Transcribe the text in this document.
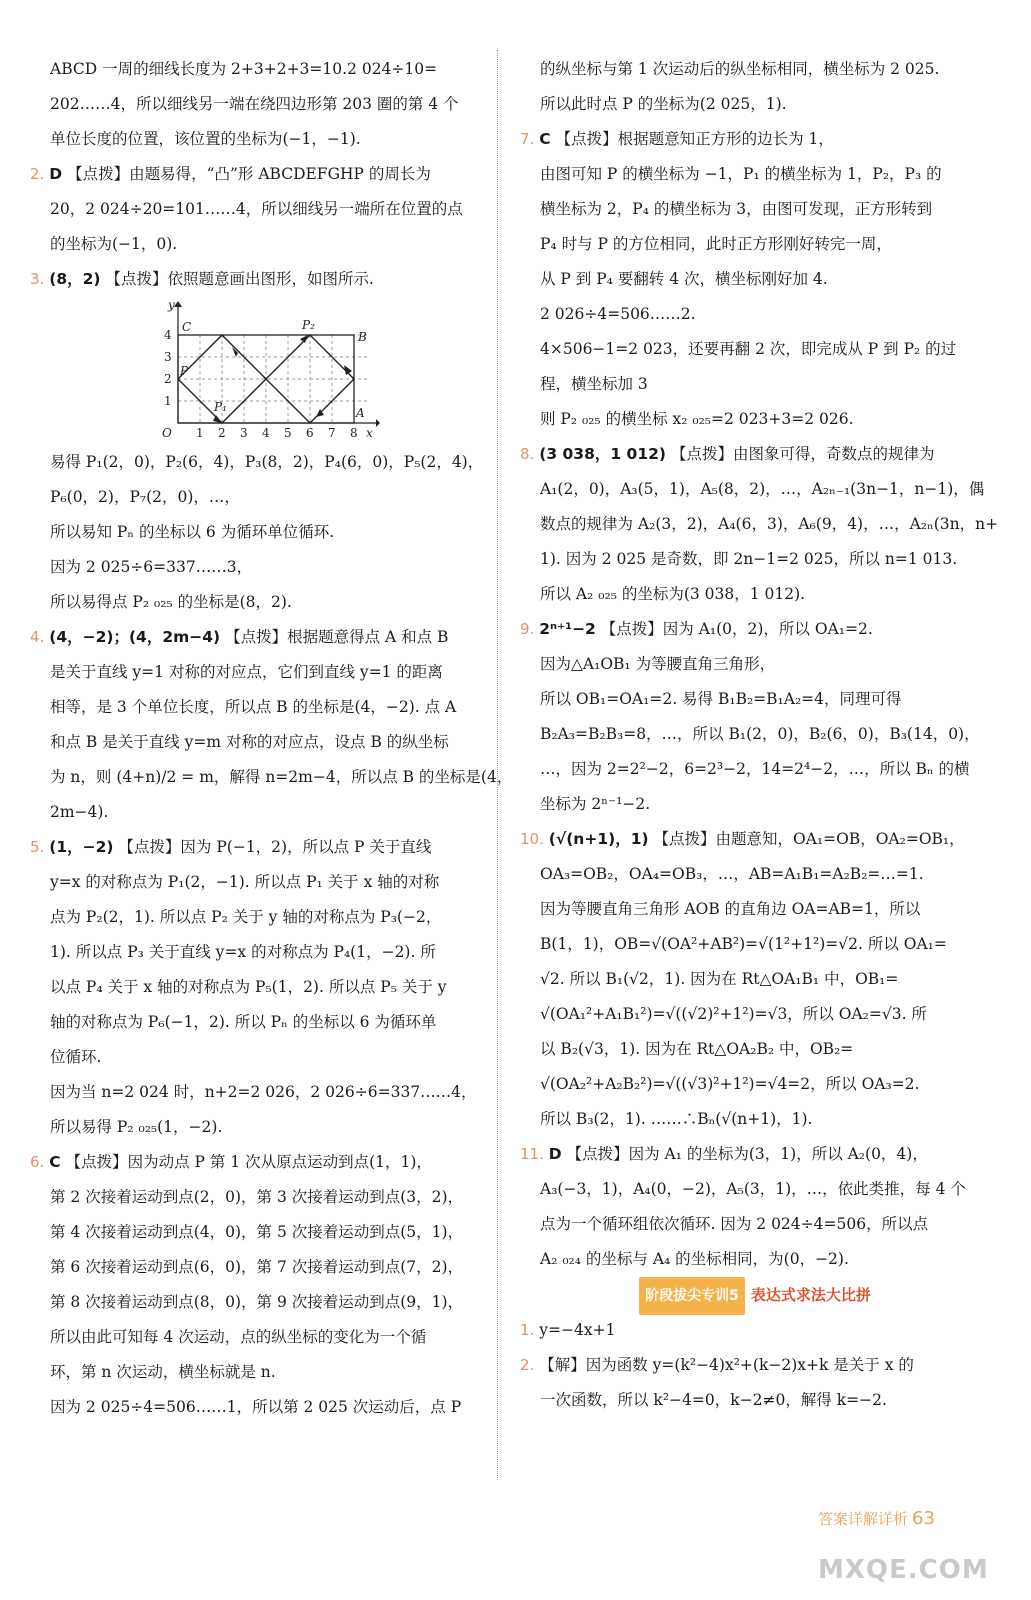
ABCD 一周的细线长度为 2+3+2+3=10.2 024÷10=
202……4，所以细线另一端在绕四边形第 203 圈的第 4 个
单位长度的位置，该位置的坐标为(−1，−1).
2. D 【点拨】由题易得，“凸”形 ABCDEFGHP 的周长为
20，2 024÷20=101……4，所以细线另一端所在位置的点
的坐标为(−1，0).
3. (8，2) 【点拨】依照题意画出图形，如图所示.
1 2 3 4 5 6 7 8
1
2
3
4
x
y
C
B
A
O
P
P₂
P₁
易得 P₁(2，0)，P₂(6，4)，P₃(8，2)，P₄(6，0)，P₅(2，4)，
P₆(0，2)，P₇(2，0)，…，
所以易知 Pₙ 的坐标以 6 为循环单位循环.
因为 2 025÷6=337……3，
所以易得点 P₂ ₀₂₅ 的坐标是(8，2).
4. (4，−2)；(4，2m−4) 【点拨】根据题意得点 A 和点 B
是关于直线 y=1 对称的对应点，它们到直线 y=1 的距离
相等，是 3 个单位长度，所以点 B 的坐标是(4，−2). 点 A
和点 B 是关于直线 y=m 对称的对应点，设点 B 的纵坐标
为 n，则 (4+n)/2 = m，解得 n=2m−4，所以点 B 的坐标是(4，
2m−4).
5. (1，−2) 【点拨】因为 P(−1，2)，所以点 P 关于直线
y=x 的对称点为 P₁(2，−1). 所以点 P₁ 关于 x 轴的对称
点为 P₂(2，1). 所以点 P₂ 关于 y 轴的对称点为 P₃(−2，
1). 所以点 P₃ 关于直线 y=x 的对称点为 P₄(1，−2). 所
以点 P₄ 关于 x 轴的对称点为 P₅(1，2). 所以点 P₅ 关于 y
轴的对称点为 P₆(−1，2). 所以 Pₙ 的坐标以 6 为循环单
位循环.
因为当 n=2 024 时，n+2=2 026，2 026÷6=337……4，
所以易得 P₂ ₀₂₅(1，−2).
6. C 【点拨】因为动点 P 第 1 次从原点运动到点(1，1)，
第 2 次接着运动到点(2，0)，第 3 次接着运动到点(3，2)，
第 4 次接着运动到点(4，0)，第 5 次接着运动到点(5，1)，
第 6 次接着运动到点(6，0)，第 7 次接着运动到点(7，2)，
第 8 次接着运动到点(8，0)，第 9 次接着运动到点(9，1)，
所以由此可知每 4 次运动，点的纵坐标的变化为一个循
环，第 n 次运动，横坐标就是 n.
因为 2 025÷4=506……1，所以第 2 025 次运动后，点 P
的纵坐标与第 1 次运动后的纵坐标相同，横坐标为 2 025.
所以此时点 P 的坐标为(2 025，1).
7. C 【点拨】根据题意知正方形的边长为 1，
由图可知 P 的横坐标为 −1，P₁ 的横坐标为 1，P₂，P₃ 的
横坐标为 2，P₄ 的横坐标为 3，由图可发现，正方形转到
P₄ 时与 P 的方位相同，此时正方形刚好转完一周，
从 P 到 P₄ 要翻转 4 次，横坐标刚好加 4.
2 026÷4=506……2.
4×506−1=2 023，还要再翻 2 次，即完成从 P 到 P₂ 的过
程，横坐标加 3
则 P₂ ₀₂₅ 的横坐标 x₂ ₀₂₅=2 023+3=2 026.
8. (3 038，1 012) 【点拨】由图象可得，奇数点的规律为
A₁(2，0)，A₃(5，1)，A₅(8，2)，…，A₂ₙ₋₁(3n−1，n−1)，偶
数点的规律为 A₂(3，2)，A₄(6，3)，A₆(9，4)，…，A₂ₙ(3n，n+
1). 因为 2 025 是奇数，即 2n−1=2 025，所以 n=1 013.
所以 A₂ ₀₂₅ 的坐标为(3 038，1 012).
9. 2ⁿ⁺¹−2 【点拨】因为 A₁(0，2)，所以 OA₁=2.
因为△A₁OB₁ 为等腰直角三角形，
所以 OB₁=OA₁=2. 易得 B₁B₂=B₁A₂=4，同理可得
B₂A₃=B₂B₃=8，…，所以 B₁(2，0)，B₂(6，0)，B₃(14，0)，
…，因为 2=2²−2，6=2³−2，14=2⁴−2，…，所以 Bₙ 的横
坐标为 2ⁿ⁻¹−2.
10. (√(n+1)，1) 【点拨】由题意知，OA₁=OB，OA₂=OB₁，
OA₃=OB₂，OA₄=OB₃，…，AB=A₁B₁=A₂B₂=…=1.
因为等腰直角三角形 AOB 的直角边 OA=AB=1，所以
B(1，1)，OB=√(OA²+AB²)=√(1²+1²)=√2. 所以 OA₁=
√2. 所以 B₁(√2，1). 因为在 Rt△OA₁B₁ 中，OB₁=
√(OA₁²+A₁B₁²)=√((√2)²+1²)=√3，所以 OA₂=√3. 所
以 B₂(√3，1). 因为在 Rt△OA₂B₂ 中，OB₂=
√(OA₂²+A₂B₂²)=√((√3)²+1²)=√4=2，所以 OA₃=2.
所以 B₃(2，1). ……∴Bₙ(√(n+1)，1).
11. D 【点拨】因为 A₁ 的坐标为(3，1)，所以 A₂(0，4)，
A₃(−3，1)，A₄(0，−2)，A₅(3，1)，…，依此类推，每 4 个
点为一个循环组依次循环. 因为 2 024÷4=506，所以点
A₂ ₀₂₄ 的坐标与 A₄ 的坐标相同，为(0，−2).
阶段拔尖专训5 表达式求法大比拼
1. y=−4x+1
2. 【解】因为函数 y=(k²−4)x²+(k−2)x+k 是关于 x 的
一次函数，所以 k²−4=0，k−2≠0，解得 k=−2.
答案详解详析 63
MXQE.COM
